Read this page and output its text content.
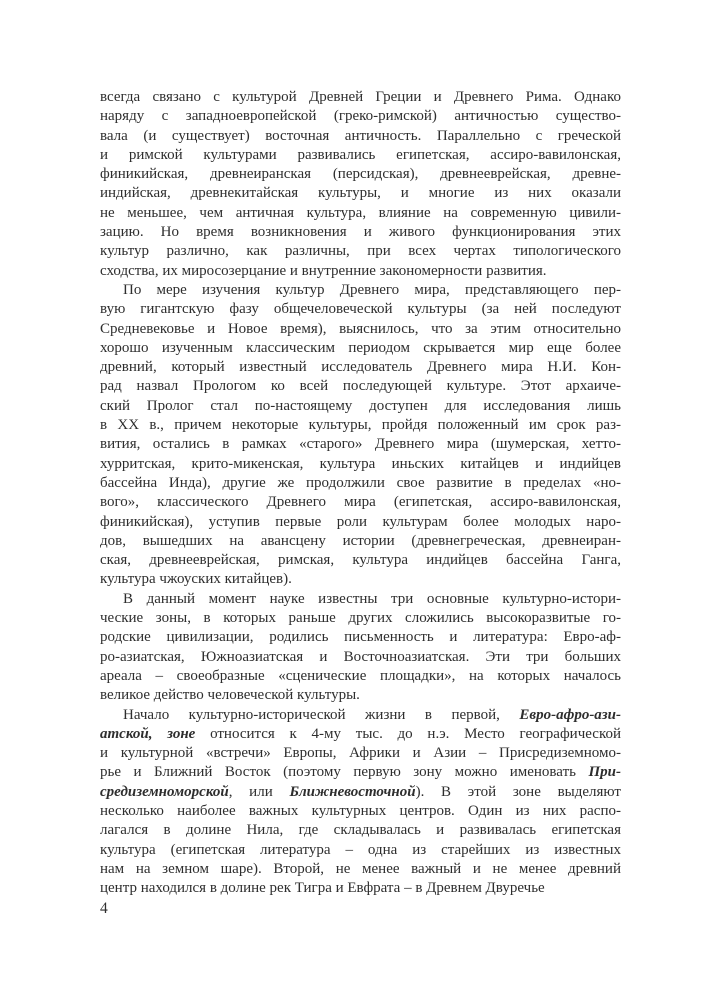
всегда связано с культурой Древней Греции и Древнего Рима. Однако
наряду с западноевропейской (греко-римской) античностью существо-
вала (и существует) восточная античность. Параллельно с греческой
и римской культурами развивались египетская, ассиро-вавилонская,
финикийская, древнеиранская (персидская), древнееврейская, древне-
индийская, древнекитайская культуры, и многие из них оказали
не меньшее, чем античная культура, влияние на современную цивили-
зацию. Но время возникновения и живого функционирования этих
культур различно, как различны, при всех чертах типологического
сходства, их миросозерцание и внутренние закономерности развития.
По мере изучения культур Древнего мира, представляющего пер-
вую гигантскую фазу общечеловеческой культуры (за ней последуют
Средневековье и Новое время), выяснилось, что за этим относительно
хорошо изученным классическим периодом скрывается мир еще более
древний, который известный исследователь Древнего мира Н.И. Кон-
рад назвал Прологом ко всей последующей культуре. Этот архаиче-
ский Пролог стал по-настоящему доступен для исследования лишь
в XX в., причем некоторые культуры, пройдя положенный им срок раз-
вития, остались в рамках «старого» Древнего мира (шумерская, хетто-
хурритская, крито-микенская, культура иньских китайцев и индийцев
бассейна Инда), другие же продолжили свое развитие в пределах «но-
вого», классического Древнего мира (египетская, ассиро-вавилонская,
финикийская), уступив первые роли культурам более молодых наро-
дов, вышедших на авансцену истории (древнегреческая, древнеиран-
ская, древнееврейская, римская, культура индийцев бассейна Ганга,
культура чжоуских китайцев).
В данный момент науке известны три основные культурно-истори-
ческие зоны, в которых раньше других сложились высокоразвитые го-
родские цивилизации, родились письменность и литература: Евро-аф-
ро-азиатская, Южноазиатская и Восточноазиатская. Эти три больших
ареала – своеобразные «сценические площадки», на которых началось
великое действо человеческой культуры.
Начало культурно-исторической жизни в первой, Евро-афро-ази-
атской, зоне относится к 4-му тыс. до н.э. Место географической
и культурной «встречи» Европы, Африки и Азии – Присредиземномо-
рье и Ближний Восток (поэтому первую зону можно именовать При-
средиземноморской, или Ближневосточной). В этой зоне выделяют
несколько наиболее важных культурных центров. Один из них распо-
лагался в долине Нила, где складывалась и развивалась египетская
культура (египетская литература – одна из старейших из известных
нам на земном шаре). Второй, не менее важный и не менее древний
центр находился в долине рек Тигра и Евфрата – в Древнем Двуречье
4
